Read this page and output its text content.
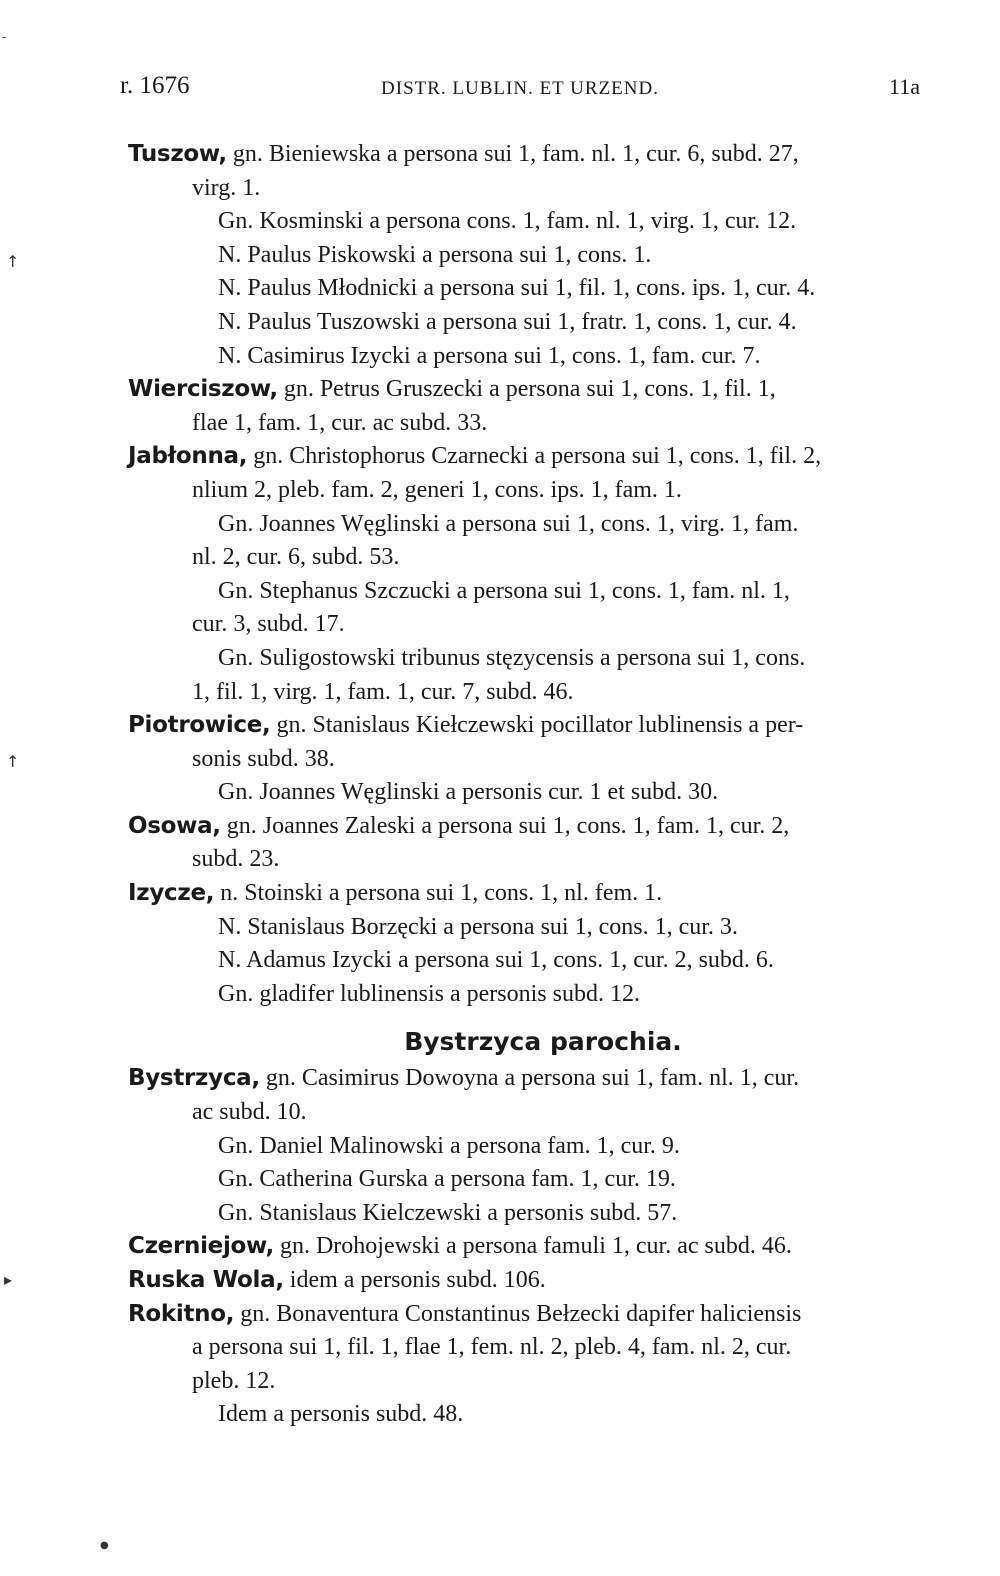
r. 1676	DISTR. LUBLIN. ET URZEND.	11a
-
↑
↑
▸
●
Tuszow, gn. Bieniewska a persona sui 1, fam. nl. 1, cur. 6, subd. 27,
virg. 1.
Gn. Kosminski a persona cons. 1, fam. nl. 1, virg. 1, cur. 12.
N. Paulus Piskowski a persona sui 1, cons. 1.
N. Paulus Młodnicki a persona sui 1, fil. 1, cons. ips. 1, cur. 4.
N. Paulus Tuszowski a persona sui 1, fratr. 1, cons. 1, cur. 4.
N. Casimirus Izycki a persona sui 1, cons. 1, fam. cur. 7.
Wierciszow, gn. Petrus Gruszecki a persona sui 1, cons. 1, fil. 1,
flae 1, fam. 1, cur. ac subd. 33.
Jabłonna, gn. Christophorus Czarnecki a persona sui 1, cons. 1, fil. 2,
nlium 2, pleb. fam. 2, generi 1, cons. ips. 1, fam. 1.
Gn. Joannes Węglinski a persona sui 1, cons. 1, virg. 1, fam.
nl. 2, cur. 6, subd. 53.
Gn. Stephanus Szczucki a persona sui 1, cons. 1, fam. nl. 1,
cur. 3, subd. 17.
Gn. Suligostowski tribunus stęzycensis a persona sui 1, cons.
1, fil. 1, virg. 1, fam. 1, cur. 7, subd. 46.
Piotrowice, gn. Stanislaus Kiełczewski pocillator lublinensis a per-
sonis subd. 38.
Gn. Joannes Węglinski a personis cur. 1 et subd. 30.
Osowa, gn. Joannes Zaleski a persona sui 1, cons. 1, fam. 1, cur. 2,
subd. 23.
Izycze, n. Stoinski a persona sui 1, cons. 1, nl. fem. 1.
N. Stanislaus Borzęcki a persona sui 1, cons. 1, cur. 3.
N. Adamus Izycki a persona sui 1, cons. 1, cur. 2, subd. 6.
Gn. gladifer lublinensis a personis subd. 12.
Bystrzyca parochia.
Bystrzyca, gn. Casimirus Dowoyna a persona sui 1, fam. nl. 1, cur.
ac subd. 10.
Gn. Daniel Malinowski a persona fam. 1, cur. 9.
Gn. Catherina Gurska a persona fam. 1, cur. 19.
Gn. Stanislaus Kielczewski a personis subd. 57.
Czerniejow, gn. Drohojewski a persona famuli 1, cur. ac subd. 46.
Ruska Wola, idem a personis subd. 106.
Rokitno, gn. Bonaventura Constantinus Bełzecki dapifer haliciensis
a persona sui 1, fil. 1, flae 1, fem. nl. 2, pleb. 4, fam. nl. 2, cur.
pleb. 12.
Idem a personis subd. 48.
